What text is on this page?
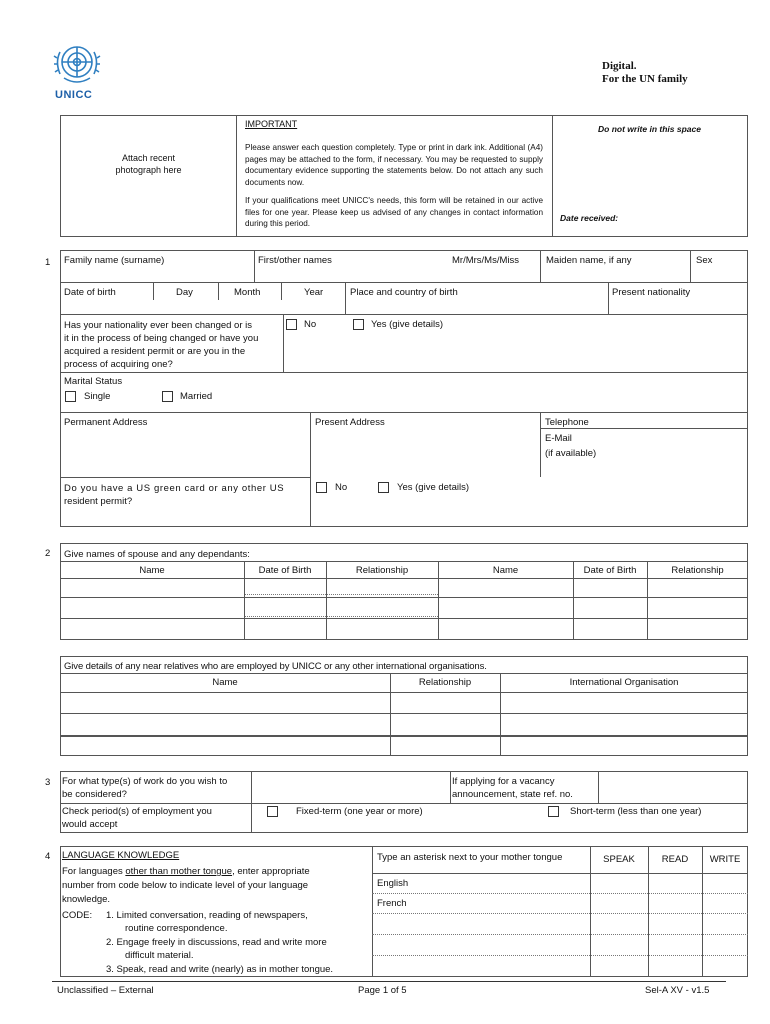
UNICC
Digital.
For the UN family
Attach recent
photograph here
IMPORTANT
Please answer each question completely. Type or print in dark ink. Additional (A4) pages may be attached to the form, if necessary. You may be requested to supply documentary evidence supporting the statements below. Do not attach any such documents now.
If your qualifications meet UNICC's needs, this form will be retained in our active files for one year. Please keep us advised of any changes in contact information during this period.
Do not write in this space
Date received:
1 Family name (surname)	First/other names	Mr/Mrs/Ms/Miss	Maiden name, if any	Sex
Date of birth	Day	Month	Year	Place and country of birth	Present nationality
Has your nationality ever been changed or is
it in the process of being changed or have you
acquired a resident permit or are you in the
process of acquiring one?
No	Yes (give details)
Marital Status
Single	Married
Permanent Address	Present Address	Telephone
E-Mail
(if available)
Do you have a US green card or any other US
resident permit?
No	Yes (give details)
2 Give names of spouse and any dependants:
Name	Date of Birth	Relationship	Name	Date of Birth	Relationship
Give details of any near relatives who are employed by UNICC or any other international organisations.
Name	Relationship	International Organisation
3 For what type(s) of work do you wish to
be considered?
If applying for a vacancy
announcement, state ref. no.
Check period(s) of employment you
would accept
Fixed-term (one year or more)	Short-term (less than one year)
4 LANGUAGE KNOWLEDGE
For languages other than mother tongue, enter appropriate
number from code below to indicate level of your language
knowledge.
CODE: 1. Limited conversation, reading of newspapers,
routine correspondence.
2. Engage freely in discussions, read and write more
difficult material.
3. Speak, read and write (nearly) as in mother tongue.
Type an asterisk next to your mother tongue	SPEAK	READ	WRITE
English
French
Unclassified – External	Page 1 of 5	Sel-A XV - v1.5
